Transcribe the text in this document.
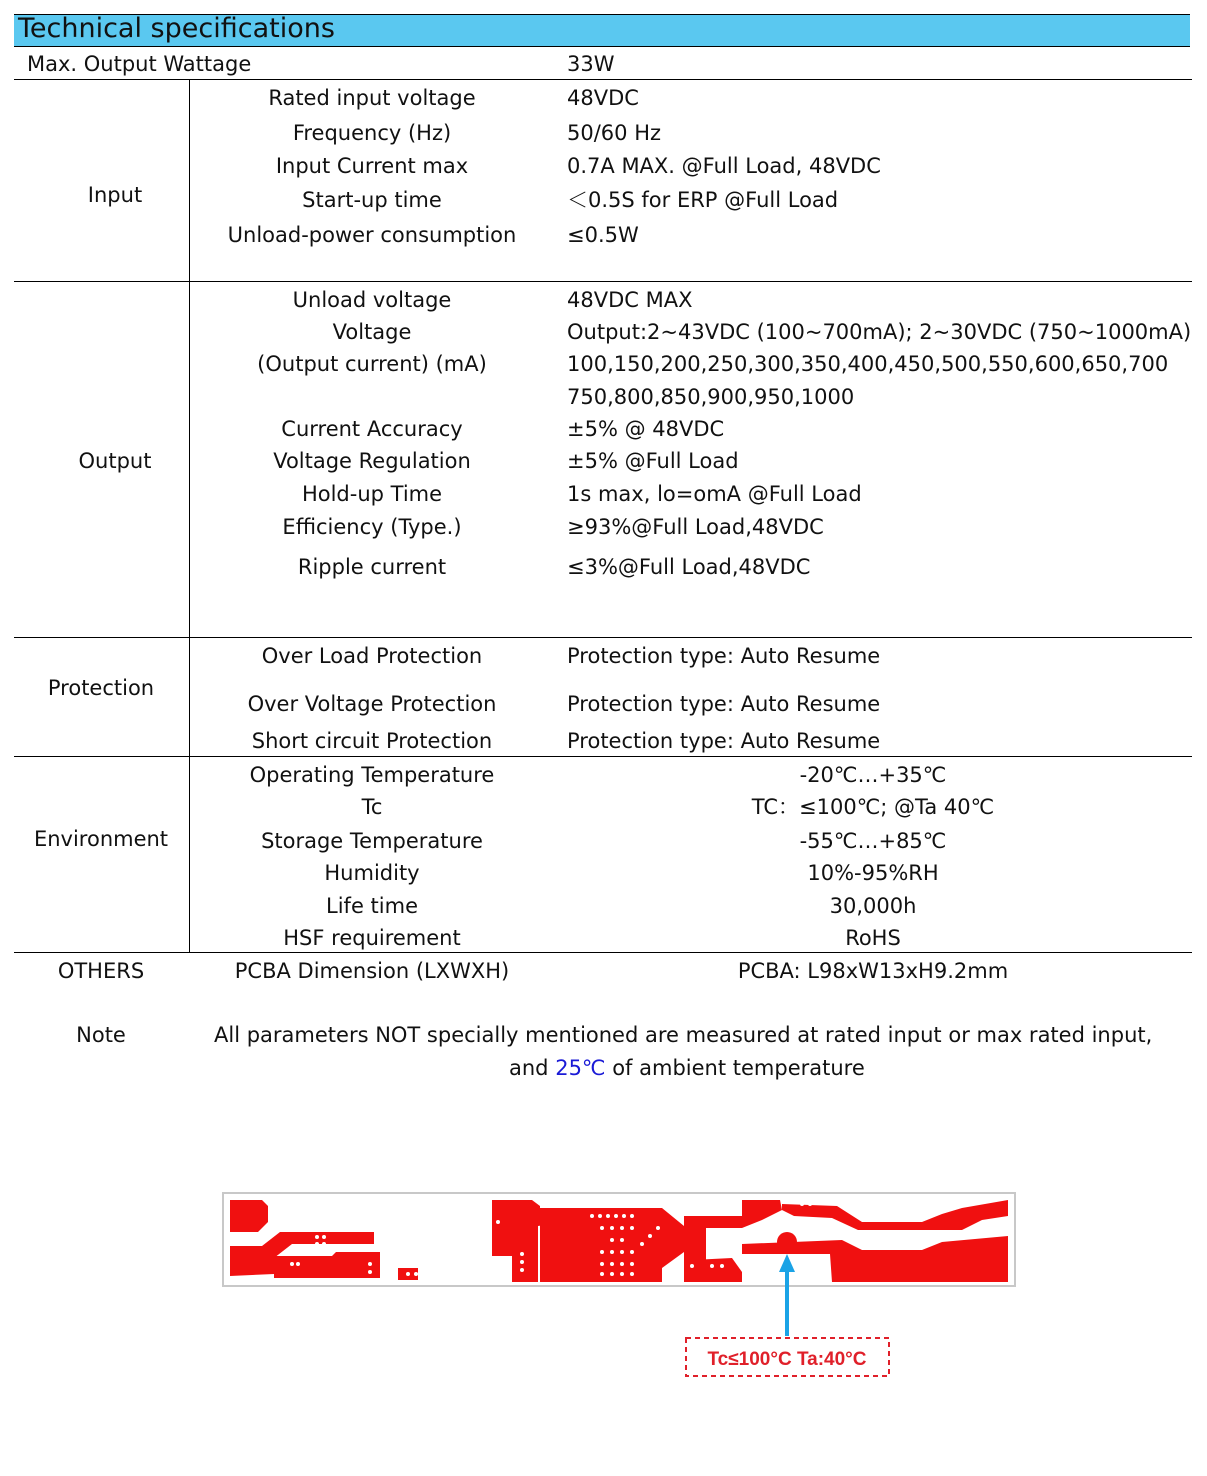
Technical specifications
Max. Output Wattage	33W
Input
Rated input voltage	48VDC
Frequency (Hz)	50/60 Hz
Input Current max	0.7A MAX. @Full Load, 48VDC
Start-up time	＜0.5S for ERP @Full Load
Unload-power consumption	≤0.5W
Output
Unload voltage	48VDC MAX
Voltage	Output:2~43VDC (100~700mA); 2~30VDC (750~1000mA)
(Output current) (mA)	100,150,200,250,300,350,400,450,500,550,600,650,700
750,800,850,900,950,1000
Current Accuracy	±5% @ 48VDC
Voltage Regulation	±5% @Full Load
Hold-up Time	1s max, lo=omA @Full Load
Efficiency (Type.)	≥93%@Full Load,48VDC
Ripple current	≤3%@Full Load,48VDC
Protection
Over Load Protection	Protection type: Auto Resume
Over Voltage Protection	Protection type: Auto Resume
Short circuit Protection	Protection type: Auto Resume
Environment
Operating Temperature	-20℃…+35℃
Tc	TC：≤100℃; @Ta 40℃
Storage Temperature	-55℃…+85℃
Humidity	10%-95%RH
Life time	30,000h
HSF requirement	RoHS
OTHERS	PCBA Dimension (LXWXH)	PCBA: L98xW13xH9.2mm
Note	All parameters NOT specially mentioned are measured at rated input or max rated input,
and 25℃ of ambient temperature
Tc≤100°C Ta:40°C
